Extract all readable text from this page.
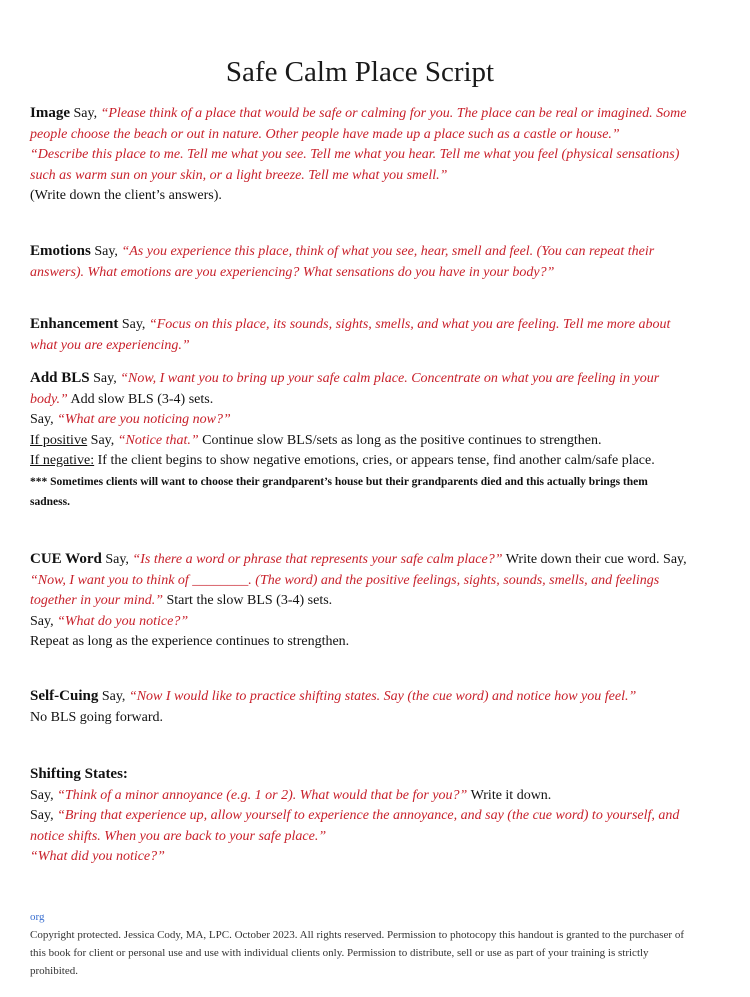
Safe Calm Place Script
Image Say, “Please think of a place that would be safe or calming for you. The place can be real or imagined. Some people choose the beach or out in nature. Other people have made up a place such as a castle or house.”
“Describe this place to me. Tell me what you see. Tell me what you hear. Tell me what you feel (physical sensations) such as warm sun on your skin, or a light breeze. Tell me what you smell.”
(Write down the client’s answers).
Emotions Say, “As you experience this place, think of what you see, hear, smell and feel. (You can repeat their answers). What emotions are you experiencing? What sensations do you have in your body?”
Enhancement Say, “Focus on this place, its sounds, sights, smells, and what you are feeling. Tell me more about what you are experiencing.”
Add BLS Say, “Now, I want you to bring up your safe calm place. Concentrate on what you are feeling in your body.” Add slow BLS (3-4) sets.
Say, “What are you noticing now?”
If positive Say, “Notice that.” Continue slow BLS/sets as long as the positive continues to strengthen.
If negative: If the client begins to show negative emotions, cries, or appears tense, find another calm/safe place.
*** Sometimes clients will want to choose their grandparent’s house but their grandparents died and this actually brings them sadness.
CUE Word Say, “Is there a word or phrase that represents your safe calm place?” Write down their cue word. Say, “Now, I want you to think of ________. (The word) and the positive feelings, sights, sounds, smells, and feelings together in your mind.” Start the slow BLS (3-4) sets.
Say, “What do you notice?”
Repeat as long as the experience continues to strengthen.
Self-Cuing Say, “Now I would like to practice shifting states. Say (the cue word) and notice how you feel.”
No BLS going forward.
Shifting States:
Say, “Think of a minor annoyance (e.g. 1 or 2). What would that be for you?” Write it down.
Say, “Bring that experience up, allow yourself to experience the annoyance, and say (the cue word) to yourself, and notice shifts. When you are back to your safe place.”
“What did you notice?”
org
Copyright protected. Jessica Cody, MA, LPC. October 2023. All rights reserved. Permission to photocopy this handout is granted to the purchaser of this book for client or personal use and use with individual clients only. Permission to distribute, sell or use as part of your training is strictly prohibited.
